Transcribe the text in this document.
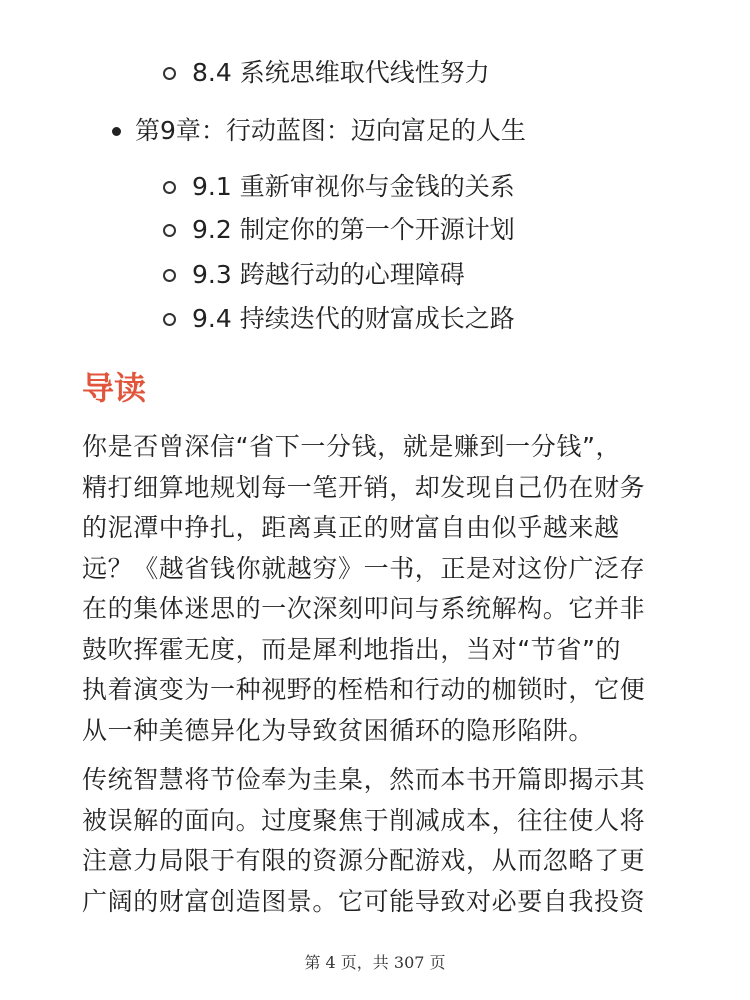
8.4 系统思维取代线性努力
第9章：行动蓝图：迈向富足的人生
9.1 重新审视你与金钱的关系
9.2 制定你的第一个开源计划
9.3 跨越行动的心理障碍
9.4 持续迭代的财富成长之路
导读
你是否曾深信“省下一分钱，就是赚到一分钱”，
精打细算地规划每一笔开销，却发现自己仍在财务
的泥潭中挣扎，距离真正的财富自由似乎越来越
远？《越省钱你就越穷》一书，正是对这份广泛存
在的集体迷思的一次深刻叩问与系统解构。它并非
鼓吹挥霍无度，而是犀利地指出，当对“节省”的
执着演变为一种视野的桎梏和行动的枷锁时，它便
从一种美德异化为导致贫困循环的隐形陷阱。
传统智慧将节俭奉为圭臬，然而本书开篇即揭示其
被误解的面向。过度聚焦于削减成本，往往使人将
注意力局限于有限的资源分配游戏，从而忽略了更
广阔的财富创造图景。它可能导致对必要自我投资
第 4 页，共 307 页
